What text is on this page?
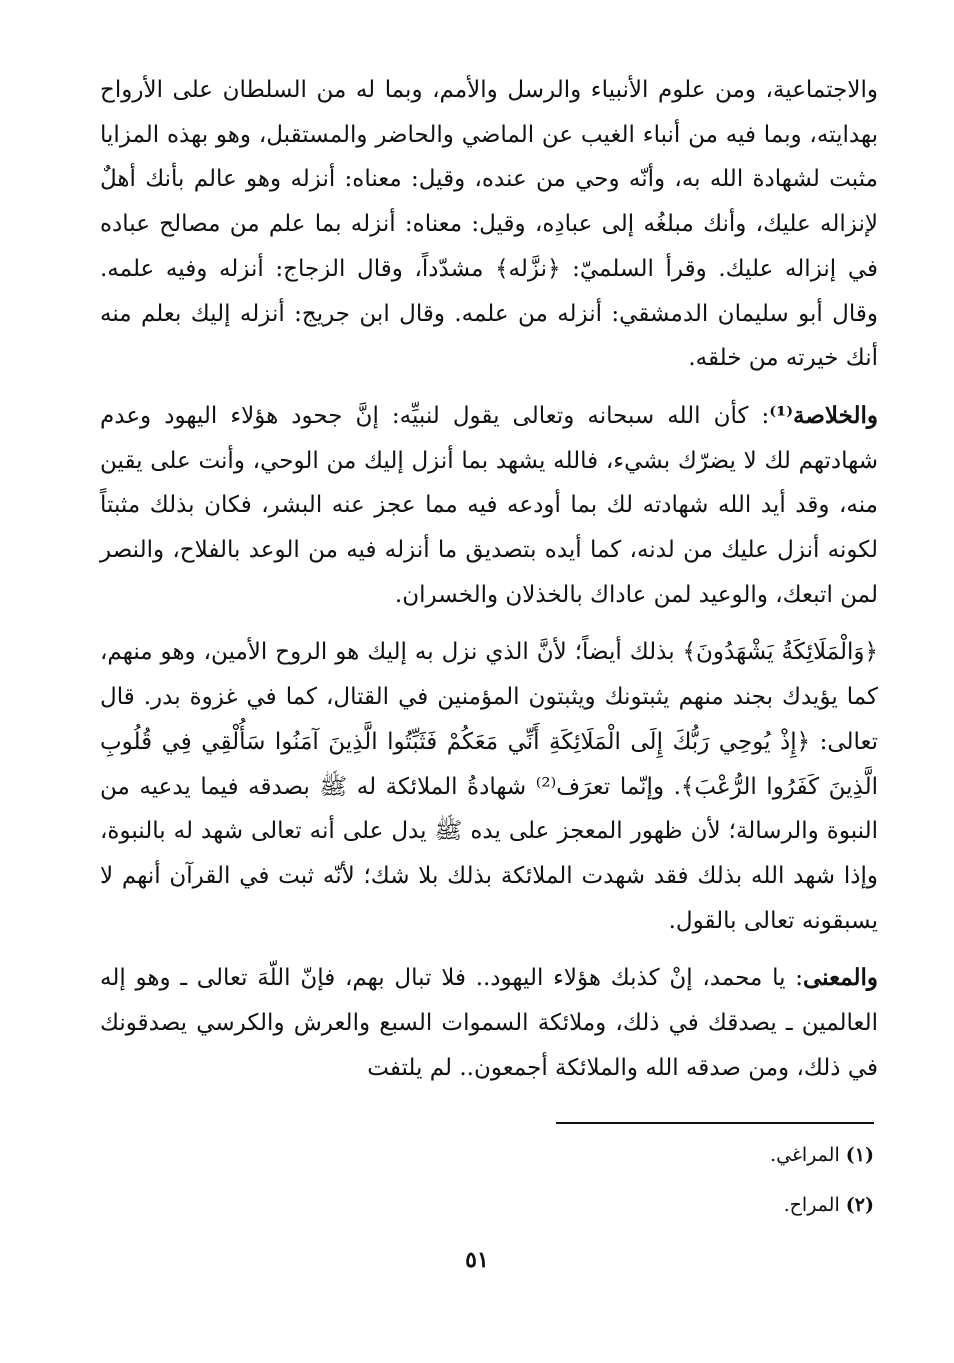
والاجتماعية، ومن علوم الأنبياء والرسل والأمم، وبما له من السلطان على الأرواح بهدايته، وبما فيه من أنباء الغيب عن الماضي والحاضر والمستقبل، وهو بهذه المزايا مثبت لشهادة الله به، وأنّه وحي من عنده، وقيل: معناه: أنزله وهو عالم بأنك أهلٌ لإنزاله عليك، وأنك مبلغُه إلى عبادِه، وقيل: معناه: أنزله بما علم من مصالح عباده في إنزاله عليك. وقرأ السلميّ: ﴿نزَّله﴾ مشدّداً، وقال الزجاج: أنزله وفيه علمه. وقال أبو سليمان الدمشقي: أنزله من علمه. وقال ابن جريج: أنزله إليك بعلم منه أنك خيرته من خلقه.

والخلاصة⁽¹⁾: كأن الله سبحانه وتعالى يقول لنبيِّه: إنَّ جحود هؤلاء اليهود وعدم شهادتهم لك لا يضرّك بشيء، فالله يشهد بما أنزل إليك من الوحي، وأنت على يقين منه، وقد أيد الله شهادته لك بما أودعه فيه مما عجز عنه البشر، فكان بذلك مثبتاً لكونه أنزل عليك من لدنه، كما أيده بتصديق ما أنزله فيه من الوعد بالفلاح، والنصر لمن اتبعك، والوعيد لمن عاداك بالخذلان والخسران.

﴿وَالْمَلَائِكَةُ يَشْهَدُونَ﴾ بذلك أيضاً؛ لأنَّ الذي نزل به إليك هو الروح الأمين، وهو منهم، كما يؤيدك بجند منهم يثبتونك ويثبتون المؤمنين في القتال، كما في غزوة بدر. قال تعالى: ﴿إِذْ يُوحِي رَبُّكَ إِلَى الْمَلَائِكَةِ أَنِّي مَعَكُمْ فَثَبِّتُوا الَّذِينَ آمَنُوا سَأُلْقِي فِي قُلُوبِ الَّذِينَ كَفَرُوا الرُّعْبَ﴾. وإنّما تعرَف⁽²⁾ شهادةُ الملائكة له ﷺ بصدقه فيما يدعيه من النبوة والرسالة؛ لأن ظهور المعجز على يده ﷺ يدل على أنه تعالى شهد له بالنبوة، وإذا شهد الله بذلك فقد شهدت الملائكة بذلك بلا شك؛ لأنّه ثبت في القرآن أنهم لا يسبقونه تعالى بالقول.

والمعنى: يا محمد، إنْ كذبك هؤلاء اليهود.. فلا تبال بهم، فإنّ اللّهَ تعالى ـ وهو إله العالمين ـ يصدقك في ذلك، وملائكة السموات السبع والعرش والكرسي يصدقونك في ذلك، ومن صدقه الله والملائكة أجمعون.. لم يلتفت

(١) المراغي.
(٢) المراح.
٥١
